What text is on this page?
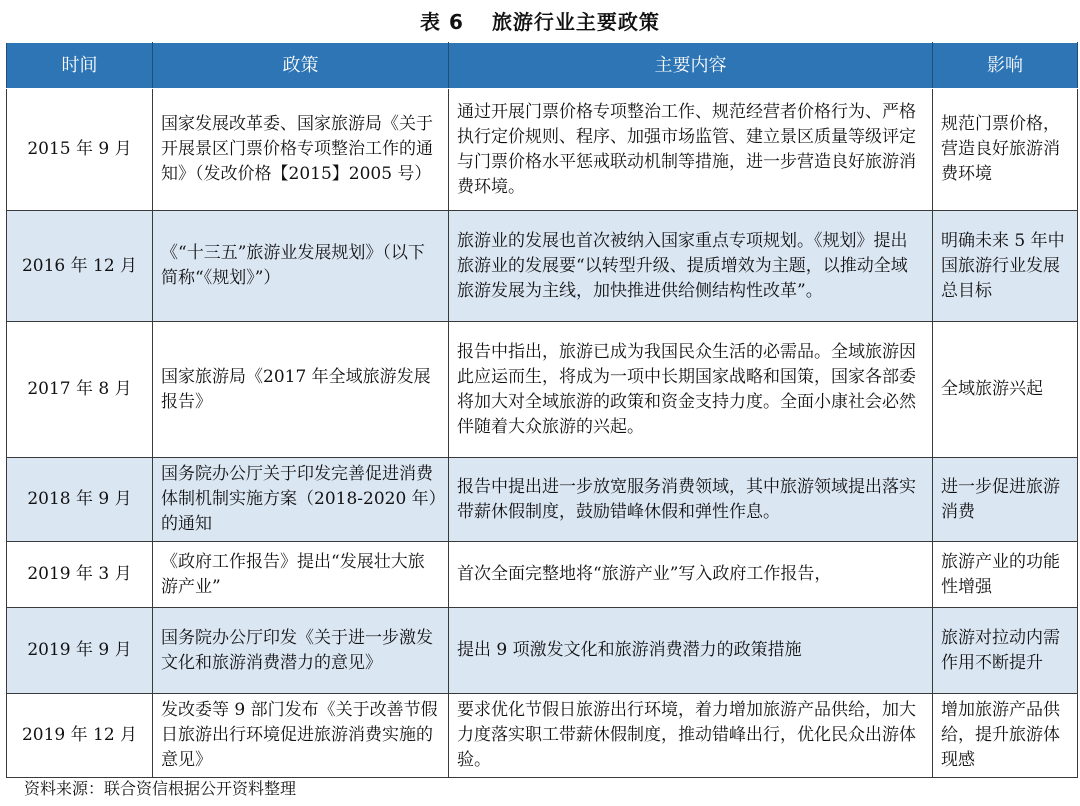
表 6 旅游行业主要政策
时间	政策	主要内容	影响
2015 年 9 月	国家发展改革委、国家旅游局《关于开展景区门票价格专项整治工作的通知》（发改价格【2015】2005 号）	通过开展门票价格专项整治工作、规范经营者价格行为、严格执行定价规则、程序、加强市场监管、建立景区质量等级评定与门票价格水平惩戒联动机制等措施，进一步营造良好旅游消费环境。	规范门票价格，营造良好旅游消费环境
2016 年 12 月	《“十三五”旅游业发展规划》（以下简称“《规划》”）	旅游业的发展也首次被纳入国家重点专项规划。《规划》提出旅游业的发展要“以转型升级、提质增效为主题，以推动全域旅游发展为主线，加快推进供给侧结构性改革”。	明确未来 5 年中国旅游行业发展总目标
2017 年 8 月	国家旅游局《2017 年全域旅游发展报告》	报告中指出，旅游已成为我国民众生活的必需品。全域旅游因此应运而生，将成为一项中长期国家战略和国策，国家各部委将加大对全域旅游的政策和资金支持力度。全面小康社会必然伴随着大众旅游的兴起。	全域旅游兴起
2018 年 9 月	国务院办公厅关于印发完善促进消费体制机制实施方案（2018-2020 年）的通知	报告中提出进一步放宽服务消费领域，其中旅游领域提出落实带薪休假制度，鼓励错峰休假和弹性作息。	进一步促进旅游消费
2019 年 3 月	《政府工作报告》提出“发展壮大旅游产业”	首次全面完整地将“旅游产业”写入政府工作报告，	旅游产业的功能性增强
2019 年 9 月	国务院办公厅印发《关于进一步激发文化和旅游消费潜力的意见》	提出 9 项激发文化和旅游消费潜力的政策措施	旅游对拉动内需作用不断提升
2019 年 12 月	发改委等 9 部门发布《关于改善节假日旅游出行环境促进旅游消费实施的意见》	要求优化节假日旅游出行环境，着力增加旅游产品供给，加大力度落实职工带薪休假制度，推动错峰出行，优化民众出游体验。	增加旅游产品供给，提升旅游体现感
资料来源：联合资信根据公开资料整理
